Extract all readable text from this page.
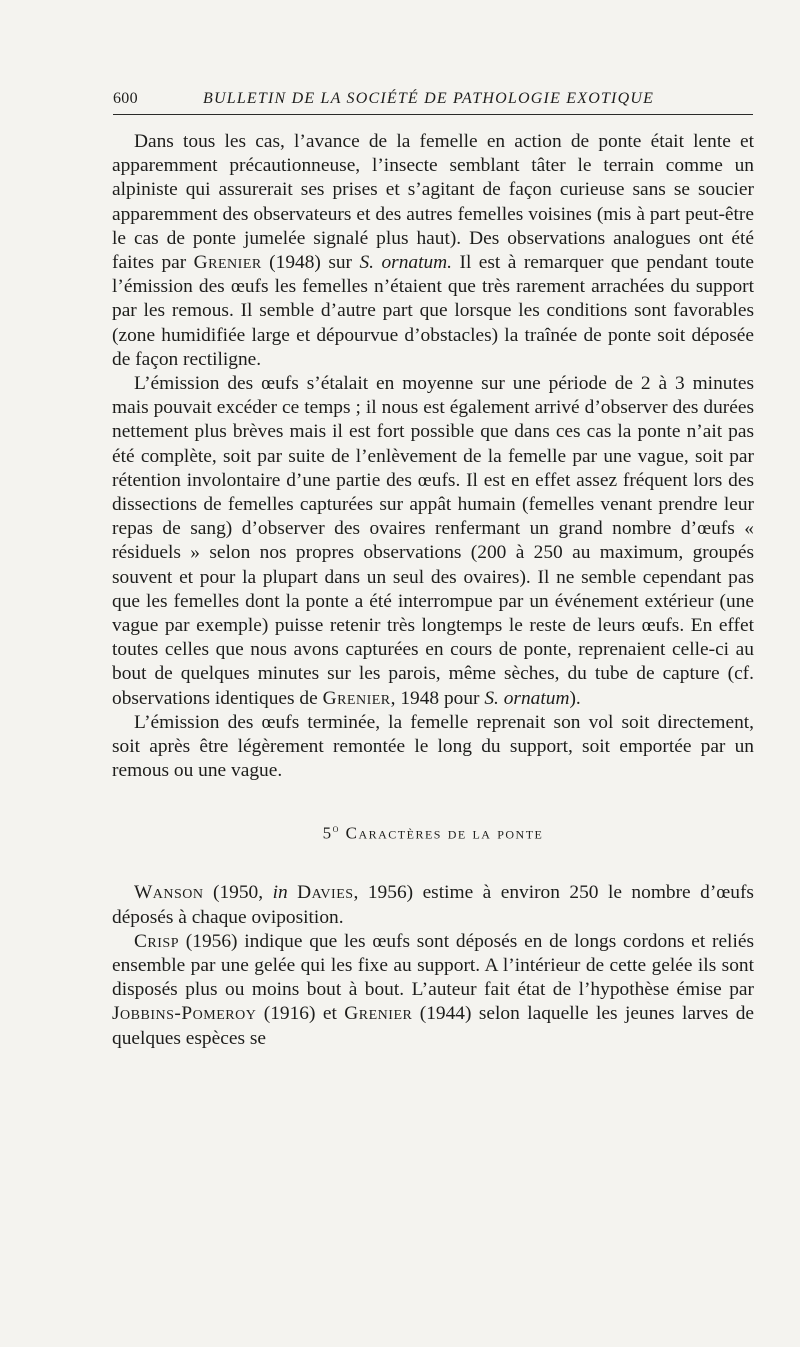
600	BULLETIN DE LA SOCIÉTÉ DE PATHOLOGIE EXOTIQUE

Dans tous les cas, l’avance de la femelle en action de ponte était lente et apparemment précautionneuse, l’insecte semblant tâter le terrain comme un alpiniste qui assurerait ses prises et s’agitant de façon curieuse sans se soucier apparemment des observateurs et des autres femelles voisines (mis à part peut-être le cas de ponte jumelée signalé plus haut). Des observations analogues ont été faites par Grenier (1948) sur S. ornatum. Il est à remarquer que pendant toute l’émission des œufs les femelles n’étaient que très rarement arrachées du support par les remous. Il semble d’autre part que lorsque les conditions sont favorables (zone humidifiée large et dépourvue d’obstacles) la traînée de ponte soit déposée de façon rectiligne.

L’émission des œufs s’étalait en moyenne sur une période de 2 à 3 minutes mais pouvait excéder ce temps ; il nous est également arrivé d’observer des durées nettement plus brèves mais il est fort possible que dans ces cas la ponte n’ait pas été complète, soit par suite de l’enlèvement de la femelle par une vague, soit par rétention involontaire d’une partie des œufs. Il est en effet assez fréquent lors des dissections de femelles capturées sur appât humain (femelles venant prendre leur repas de sang) d’observer des ovaires renfermant un grand nombre d’œufs « résiduels » selon nos propres observations (200 à 250 au maximum, groupés souvent et pour la plupart dans un seul des ovaires). Il ne semble cependant pas que les femelles dont la ponte a été interrompue par un événement extérieur (une vague par exemple) puisse retenir très longtemps le reste de leurs œufs. En effet toutes celles que nous avons capturées en cours de ponte, reprenaient celle-ci au bout de quelques minutes sur les parois, même sèches, du tube de capture (cf. observations identiques de Grenier, 1948 pour S. ornatum).

L’émission des œufs terminée, la femelle reprenait son vol soit directement, soit après être légèrement remontée le long du support, soit emportée par un remous ou une vague.

5$^o$ Caractères de la ponte

Wanson (1950, in Davies, 1956) estime à environ 250 le nombre d’œufs déposés à chaque oviposition.

Crisp (1956) indique que les œufs sont déposés en de longs cordons et reliés ensemble par une gelée qui les fixe au support. A l’intérieur de cette gelée ils sont disposés plus ou moins bout à bout. L’auteur fait état de l’hypothèse émise par Jobbins-Pomeroy (1916) et Grenier (1944) selon laquelle les jeunes larves de quelques espèces se
